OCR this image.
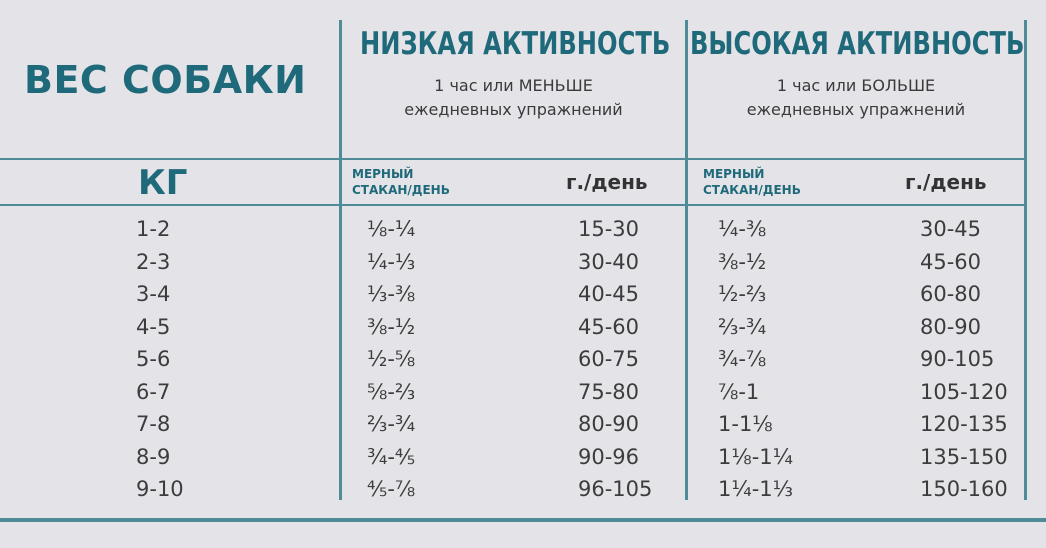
ВЕС СОБАКИ
НИЗКАЯ АКТИВНОСТЬ
1 час или МЕНЬШЕ
ежедневных упражнений
ВЫСОКАЯ АКТИВНОСТЬ
1 час или БОЛЬШЕ
ежедневных упражнений
КГ	МЕРНЫЙ
СТАКАН/ДЕНЬ	г./день	МЕРНЫЙ
СТАКАН/ДЕНЬ	г./день
1-2	⅛-¼	15-30	¼-⅜	30-45
2-3	¼-⅓	30-40	⅜-½	45-60
3-4	⅓-⅜	40-45	½-⅔	60-80
4-5	⅜-½	45-60	⅔-¾	80-90
5-6	½-⅝	60-75	¾-⅞	90-105
6-7	⅝-⅔	75-80	⅞-1	105-120
7-8	⅔-¾	80-90	1-1⅛	120-135
8-9	¾-⅘	90-96	1⅛-1¼	135-150
9-10	⅘-⅞	96-105	1¼-1⅓	150-160
